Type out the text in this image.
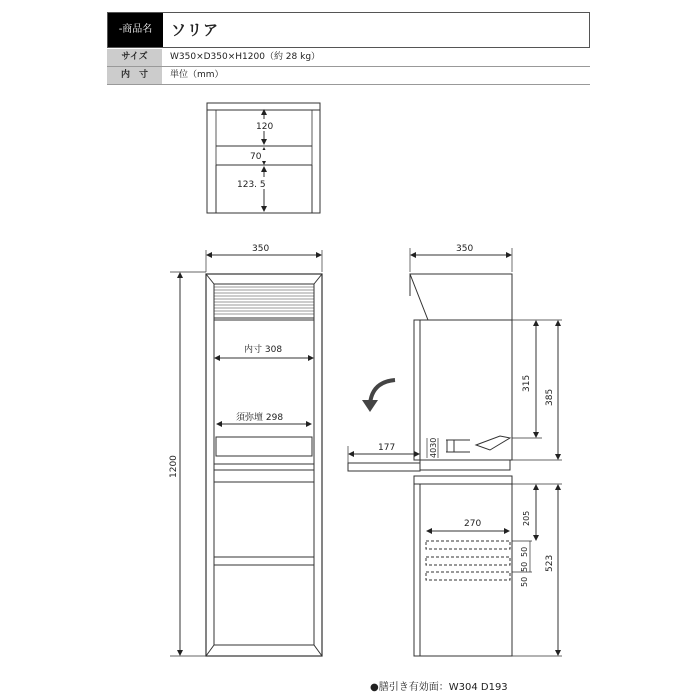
-商品名	ソリア
サイズ	W350×D350×H1200（約 28 kg）
内　寸	単位（mm）
120
70
123. 5
350
1200
内寸 308
須弥壇 298
350
177	4030
315
385
270	205
50
50
50
523
●膳引き有効面：W304 D193
